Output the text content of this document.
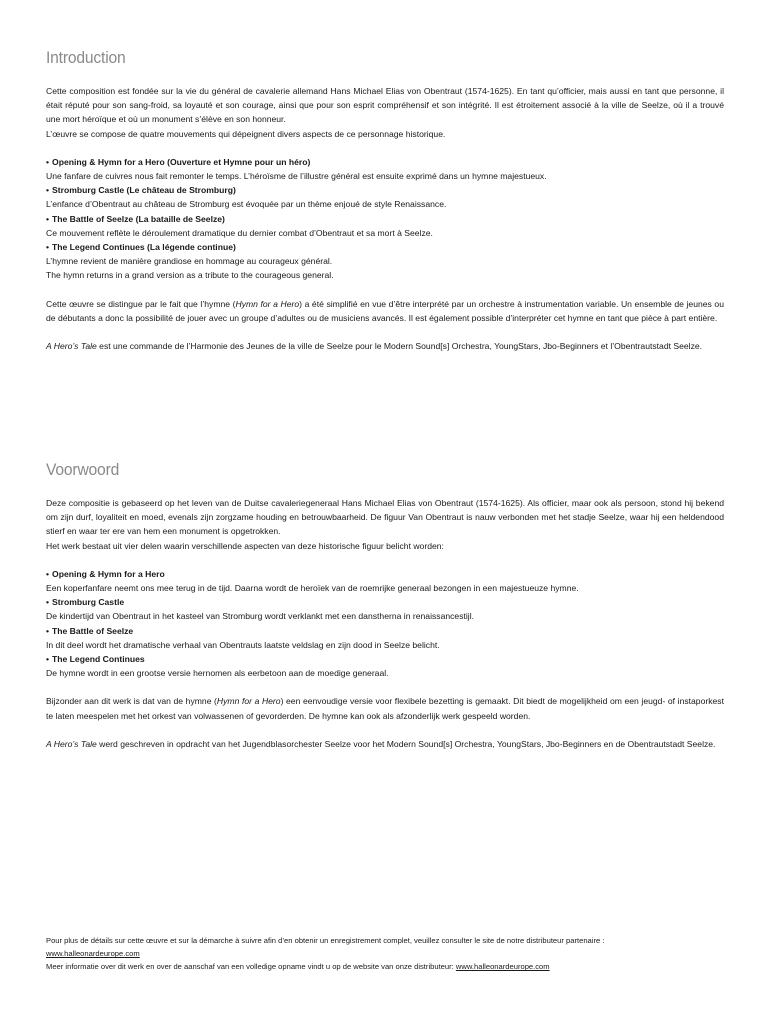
Introduction

Cette composition est fondée sur la vie du général de cavalerie allemand Hans Michael Elias von Obentraut (1574-1625). En tant qu’officier, mais aussi en tant que personne, il était réputé pour son sang-froid, sa loyauté et son courage, ainsi que pour son esprit compréhensif et son intégrité. Il est étroitement associé à la ville de Seelze, où il a trouvé une mort héroïque et où un monument s’élève en son honneur.

L’œuvre se compose de quatre mouvements qui dépeignent divers aspects de ce personnage historique.

• Opening & Hymn for a Hero (Ouverture et Hymne pour un héro)

Une fanfare de cuivres nous fait remonter le temps. L’héroïsme de l’illustre général est ensuite exprimé dans un hymne majestueux.

• Stromburg Castle (Le château de Stromburg)

L’enfance d’Obentraut au château de Stromburg est évoquée par un thème enjoué de style Renaissance.

• The Battle of Seelze (La bataille de Seelze)

Ce mouvement reflète le déroulement dramatique du dernier combat d’Obentraut et sa mort à Seelze.

• The Legend Continues (La légende continue)

L’hymne revient de manière grandiose en hommage au courageux général.

The hymn returns in a grand version as a tribute to the courageous general.

Cette œuvre se distingue par le fait que l’hymne (Hymn for a Hero) a été simplifié en vue d’être interprété par un orchestre à instrumentation variable. Un ensemble de jeunes ou de débutants a donc la possibilité de jouer avec un groupe d’adultes ou de musiciens avancés. Il est également possible d’interpréter cet hymne en tant que pièce à part entière.

A Hero’s Tale est une commande de l’Harmonie des Jeunes de la ville de Seelze pour le Modern Sound[s] Orchestra, YoungStars, Jbo-Beginners et l’Obentrautstadt Seelze.

Voorwoord

Deze compositie is gebaseerd op het leven van de Duitse cavaleriegeneraal Hans Michael Elias von Obentraut (1574-1625). Als officier, maar ook als persoon, stond hij bekend om zijn durf, loyaliteit en moed, evenals zijn zorgzame houding en betrouwbaarheid. De figuur Van Obentraut is nauw verbonden met het stadje Seelze, waar hij een heldendood stierf en waar ter ere van hem een monument is opgetrokken.

Het werk bestaat uit vier delen waarin verschillende aspecten van deze historische figuur belicht worden:

• Opening & Hymn for a Hero

Een koperfanfare neemt ons mee terug in de tijd. Daarna wordt de heroïek van de roemrijke generaal bezongen in een majestueuze hymne.

• Stromburg Castle

De kindertijd van Obentraut in het kasteel van Stromburg wordt verklankt met een danstherna in renaissancestijl.

• The Battle of Seelze

In dit deel wordt het dramatische verhaal van Obentrauts laatste veldslag en zijn dood in Seelze belicht.

• The Legend Continues

De hymne wordt in een grootse versie hernomen als eerbetoon aan de moedige generaal.

Bijzonder aan dit werk is dat van de hymne (Hymn for a Hero) een eenvoudige versie voor flexibele bezetting is gemaakt. Dit biedt de mogelijkheid om een jeugd- of instaporkest te laten meespelen met het orkest van volwassenen of gevorderden. De hymne kan ook als afzonderlijk werk gespeeld worden.

A Hero’s Tale werd geschreven in opdracht van het Jugendblasorchester Seelze voor het Modern Sound[s] Orchestra, YoungStars, Jbo-Beginners en de Obentrautstadt Seelze.

Pour plus de détails sur cette œuvre et sur la démarche à suivre afin d’en obtenir un enregistrement complet, veuillez consulter le site de notre distributeur partenaire :

www.halleonardeurope.com

Meer informatie over dit werk en over de aanschaf van een volledige opname vindt u op de website van onze distributeur: www.halleonardeurope.com
